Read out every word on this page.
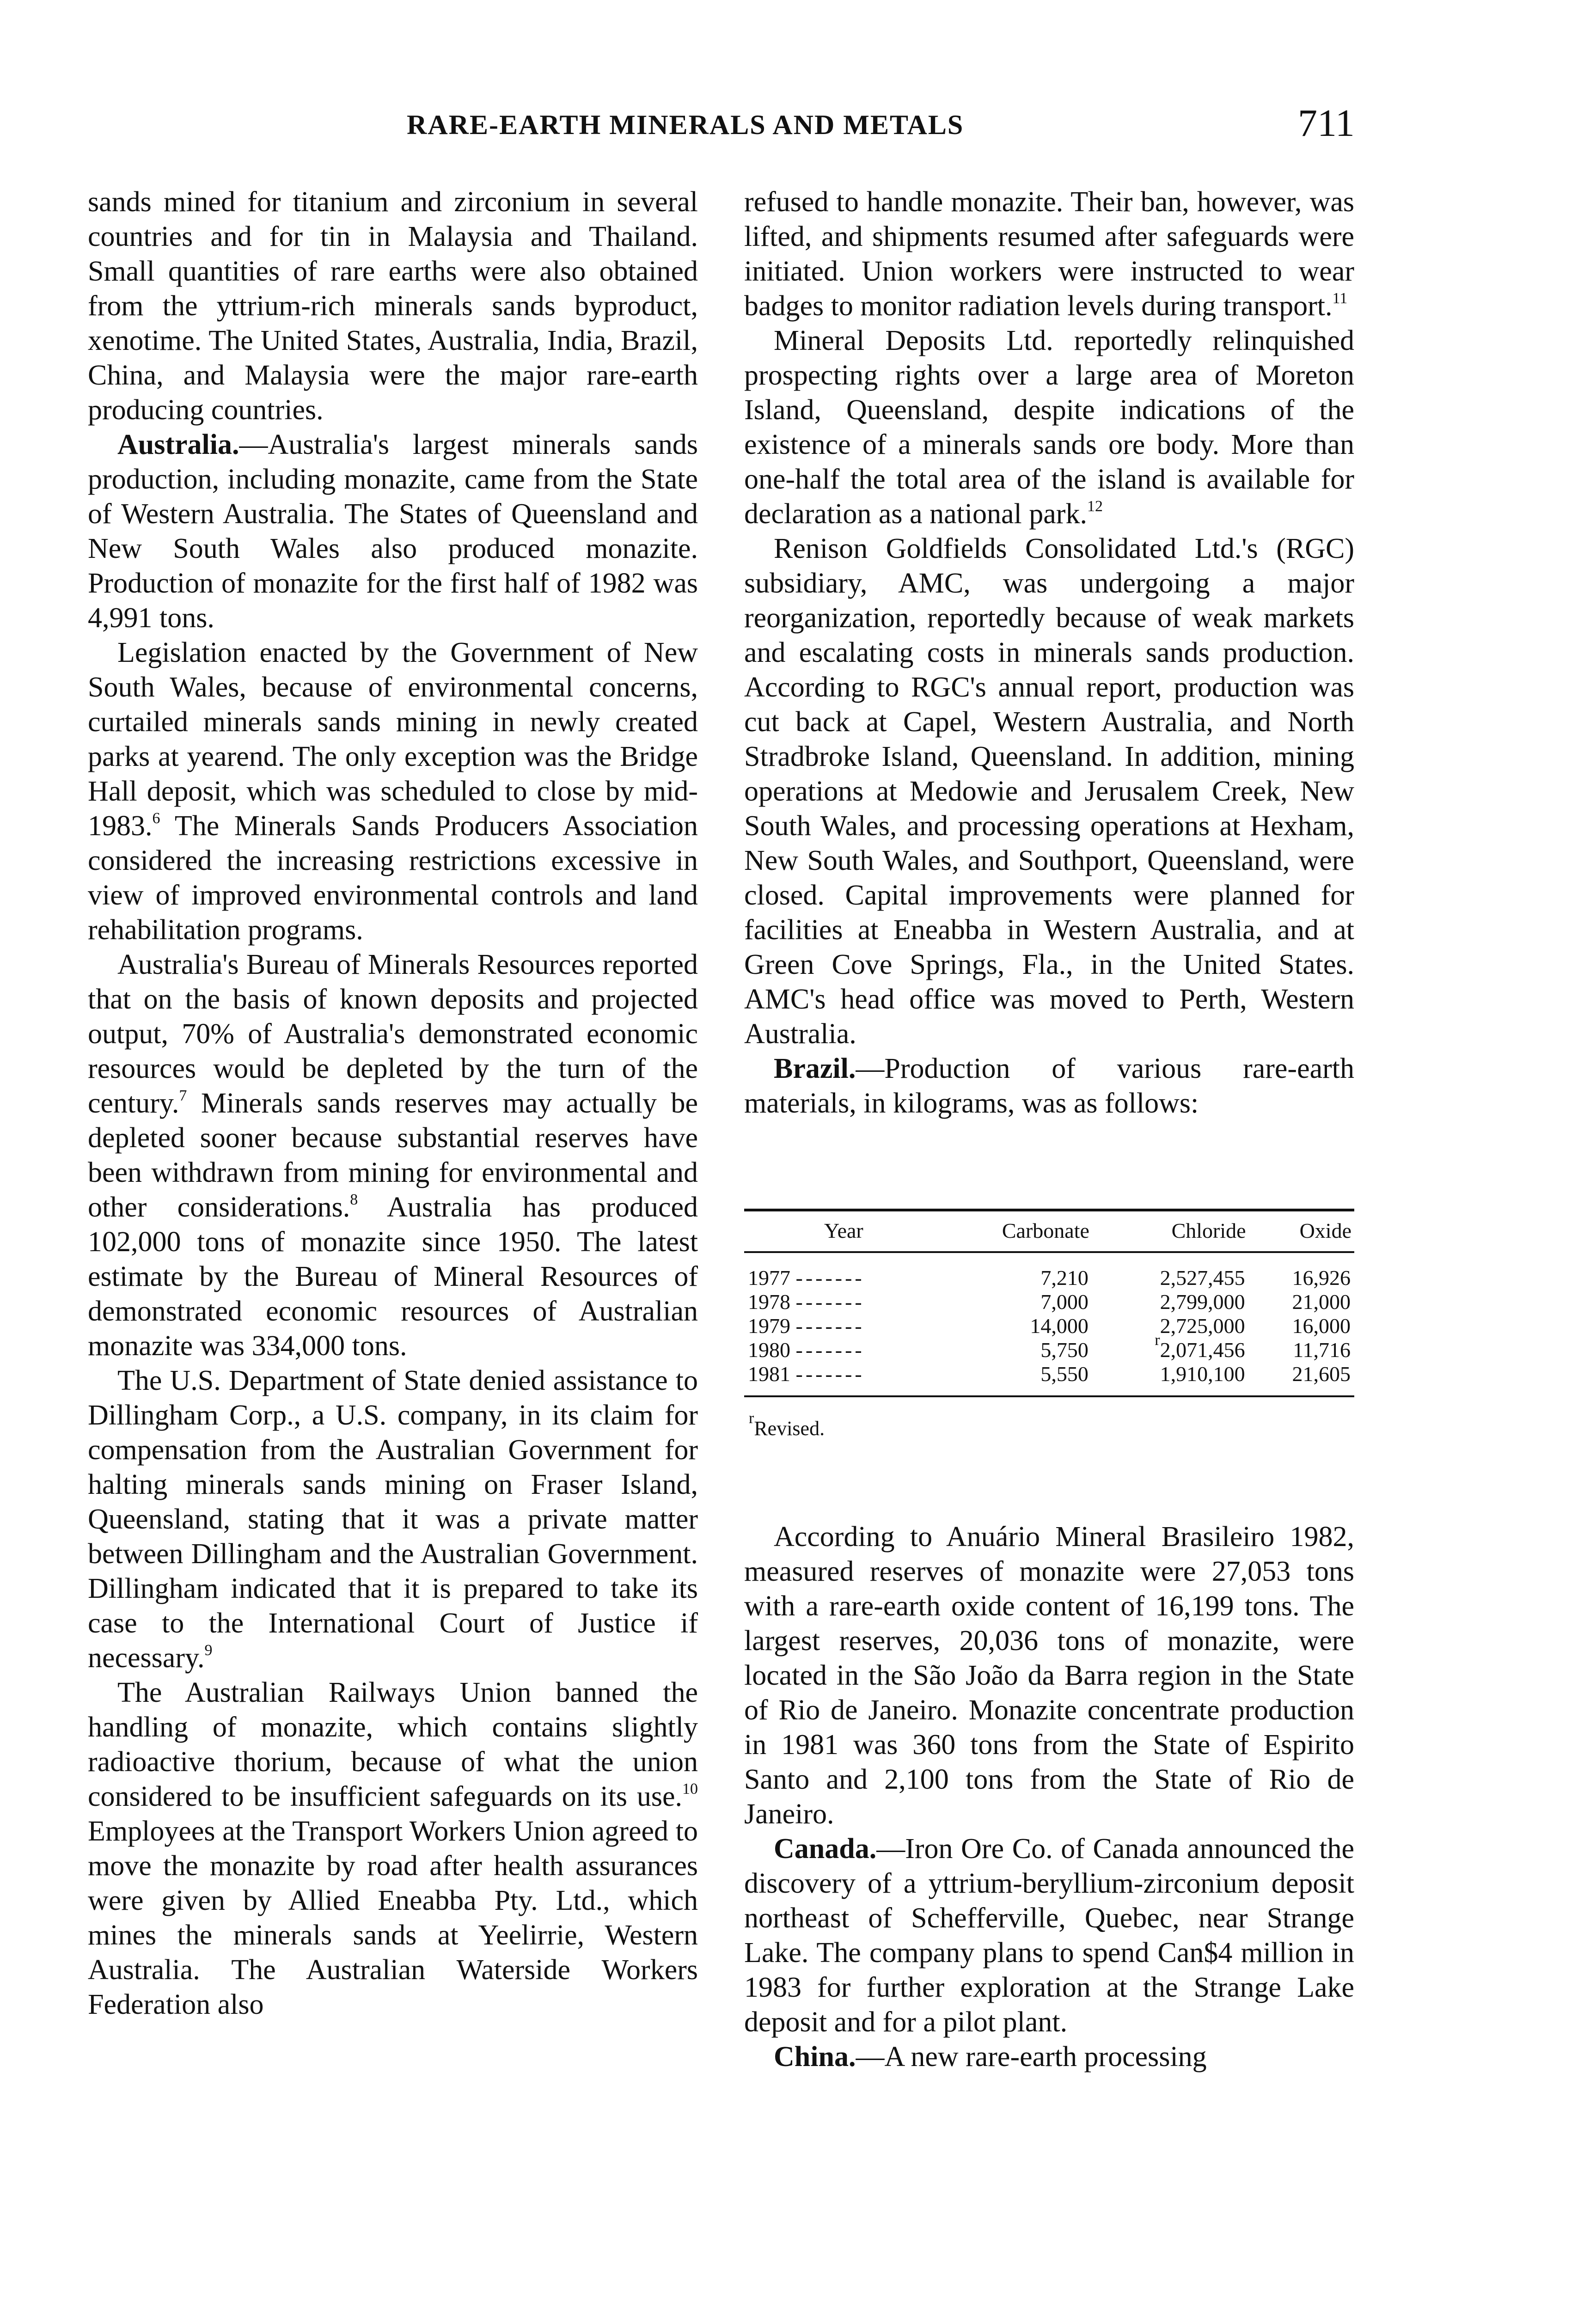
RARE-EARTH MINERALS AND METALS	711

sands mined for titanium and zirconium in several countries and for tin in Malaysia and Thailand. Small quantities of rare earths were also obtained from the yttrium-rich minerals sands byproduct, xenotime. The United States, Australia, India, Brazil, China, and Malaysia were the major rare-earth producing countries.

Australia.—Australia's largest minerals sands production, including monazite, came from the State of Western Australia. The States of Queensland and New South Wales also produced monazite. Production of monazite for the first half of 1982 was 4,991 tons.

Legislation enacted by the Government of New South Wales, because of environmental concerns, curtailed minerals sands mining in newly created parks at yearend. The only exception was the Bridge Hall deposit, which was scheduled to close by mid-1983.$^6$ The Minerals Sands Producers Association considered the increasing restrictions excessive in view of improved environmental controls and land rehabilitation programs.

Australia's Bureau of Minerals Resources reported that on the basis of known deposits and projected output, 70% of Australia's demonstrated economic resources would be depleted by the turn of the century.$^7$ Minerals sands reserves may actually be depleted sooner because substantial reserves have been withdrawn from mining for environmental and other considerations.$^8$ Australia has produced 102,000 tons of monazite since 1950. The latest estimate by the Bureau of Mineral Resources of demonstrated economic resources of Australian monazite was 334,000 tons.

The U.S. Department of State denied assistance to Dillingham Corp., a U.S. company, in its claim for compensation from the Australian Government for halting minerals sands mining on Fraser Island, Queensland, stating that it was a private matter between Dillingham and the Australian Government. Dillingham indicated that it is prepared to take its case to the International Court of Justice if necessary.$^9$

The Australian Railways Union banned the handling of monazite, which contains slightly radioactive thorium, because of what the union considered to be insufficient safeguards on its use.$^{10}$ Employees at the Transport Workers Union agreed to move the monazite by road after health assurances were given by Allied Eneabba Pty. Ltd., which mines the minerals sands at Yeelirrie, Western Australia. The Australian Waterside Workers Federation also

refused to handle monazite. Their ban, however, was lifted, and shipments resumed after safeguards were initiated. Union workers were instructed to wear badges to monitor radiation levels during transport.$^{11}$

Mineral Deposits Ltd. reportedly relinquished prospecting rights over a large area of Moreton Island, Queensland, despite indications of the existence of a minerals sands ore body. More than one-half the total area of the island is available for declaration as a national park.$^{12}$

Renison Goldfields Consolidated Ltd.'s (RGC) subsidiary, AMC, was undergoing a major reorganization, reportedly because of weak markets and escalating costs in minerals sands production. According to RGC's annual report, production was cut back at Capel, Western Australia, and North Stradbroke Island, Queensland. In addition, mining operations at Medowie and Jerusalem Creek, New South Wales, and processing operations at Hexham, New South Wales, and Southport, Queensland, were closed. Capital improvements were planned for facilities at Eneabba in Western Australia, and at Green Cove Springs, Fla., in the United States. AMC's head office was moved to Perth, Western Australia.

Brazil.—Production of various rare-earth materials, in kilograms, was as follows:

Year	Carbonate	Chloride	Oxide
1977 -------	7,210	2,527,455	16,926
1978 -------	7,000	2,799,000	21,000
1979 -------	14,000	2,725,000	16,000
1980 -------	5,750	$^r$2,071,456	11,716
1981 -------	5,550	1,910,100	21,605
$^r$Revised.

According to Anuário Mineral Brasileiro 1982, measured reserves of monazite were 27,053 tons with a rare-earth oxide content of 16,199 tons. The largest reserves, 20,036 tons of monazite, were located in the São João da Barra region in the State of Rio de Janeiro. Monazite concentrate production in 1981 was 360 tons from the State of Espirito Santo and 2,100 tons from the State of Rio de Janeiro.

Canada.—Iron Ore Co. of Canada announced the discovery of a yttrium-beryllium-zirconium deposit northeast of Schefferville, Quebec, near Strange Lake. The company plans to spend Can$4 million in 1983 for further exploration at the Strange Lake deposit and for a pilot plant.

China.—A new rare-earth processing
